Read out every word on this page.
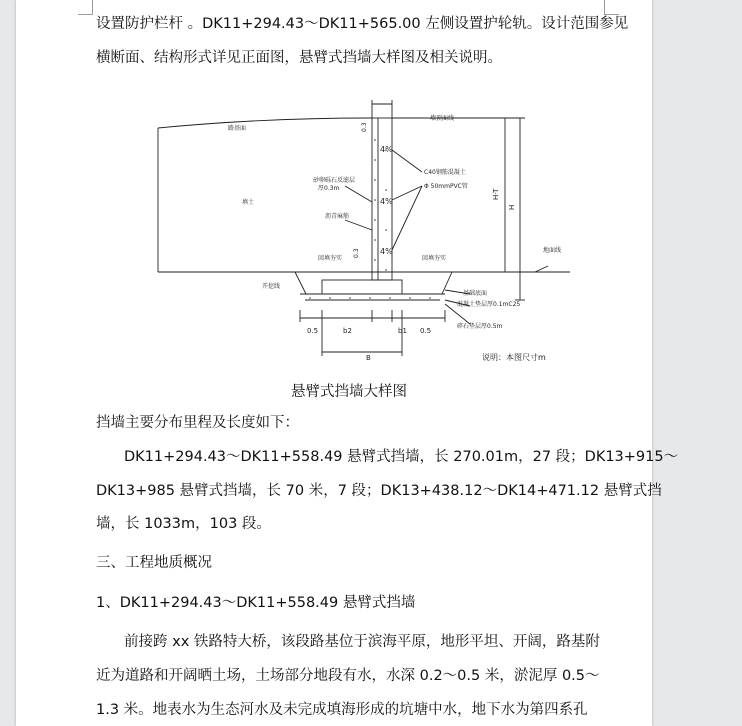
设置防护栏杆 。DK11+294.43～DK11+565.00 左侧设置护轮轨。设计范围参见
横断面、结构形式详见正面图，悬臂式挡墙大样图及相关说明。
路基面
墙顶面线
填土
砂卵砾石反滤层
厚0.3m
沥青麻筋
C40钢筋混凝土
Φ 50mmPVC管
回填夯实	回填夯实
地面线
开挖线
基础底面
混凝土垫层厚0.1mC25
碎石垫层厚0.5m
H-T
H
0.3
0.3
0.5	b2	b1 0.5
B
4%
4%
4%
说明：本图尺寸m
悬臂式挡墙大样图
挡墙主要分布里程及长度如下：
DK11+294.43～DK11+558.49 悬臂式挡墙，长 270.01m，27 段；DK13+915～
DK13+985 悬臂式挡墙，长 70 米，7 段；DK13+438.12～DK14+471.12 悬臂式挡
墙，长 1033m，103 段。
三、工程地质概况
1、DK11+294.43～DK11+558.49 悬臂式挡墙
前接跨 xx 铁路特大桥，该段路基位于滨海平原，地形平坦、开阔，路基附
近为道路和开阔晒土场，土场部分地段有水，水深 0.2～0.5 米，淤泥厚 0.5～
1.3 米。地表水为生态河水及未完成填海形成的坑塘中水，地下水为第四系孔
